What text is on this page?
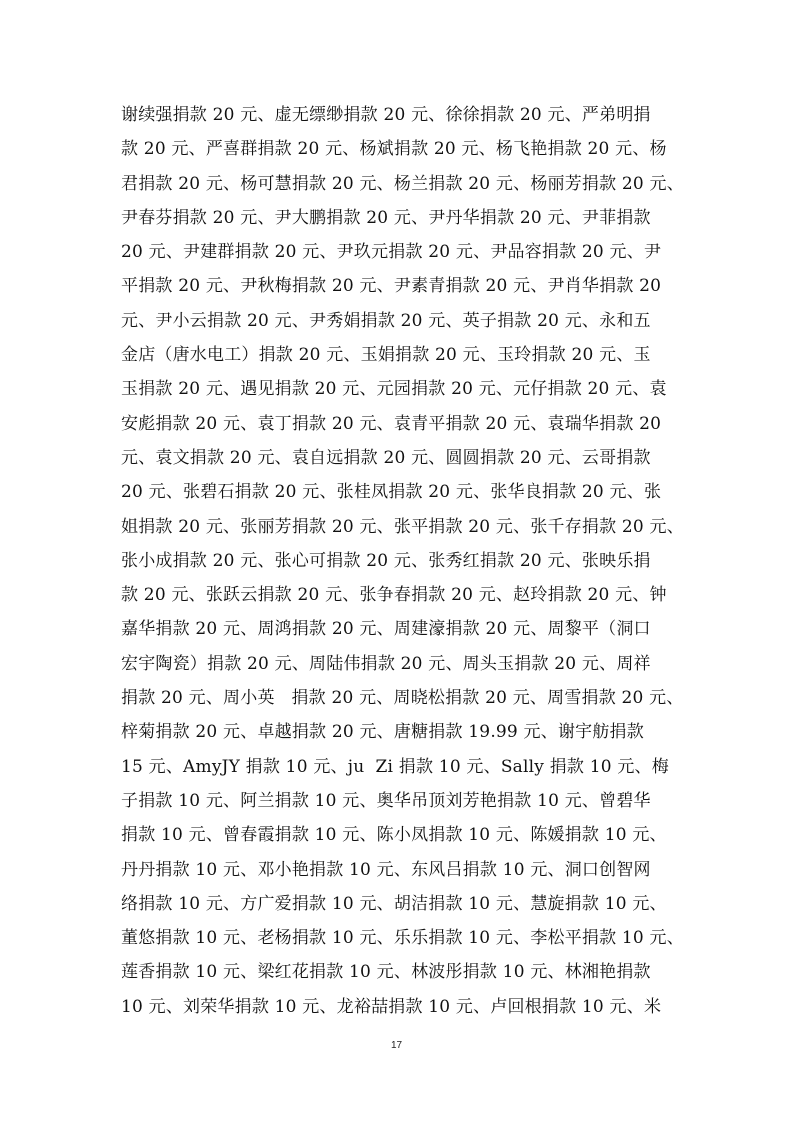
谢续强捐款 20 元、虚无缥缈捐款 20 元、徐徐捐款 20 元、严弟明捐
款 20 元、严喜群捐款 20 元、杨斌捐款 20 元、杨飞艳捐款 20 元、杨
君捐款 20 元、杨可慧捐款 20 元、杨兰捐款 20 元、杨丽芳捐款 20 元、
尹春芬捐款 20 元、尹大鹏捐款 20 元、尹丹华捐款 20 元、尹菲捐款
20 元、尹建群捐款 20 元、尹玖元捐款 20 元、尹品容捐款 20 元、尹
平捐款 20 元、尹秋梅捐款 20 元、尹素青捐款 20 元、尹肖华捐款 20
元、尹小云捐款 20 元、尹秀娟捐款 20 元、英子捐款 20 元、永和五
金店（唐水电工）捐款 20 元、玉娟捐款 20 元、玉玲捐款 20 元、玉
玉捐款 20 元、遇见捐款 20 元、元园捐款 20 元、元仔捐款 20 元、袁
安彪捐款 20 元、袁丁捐款 20 元、袁青平捐款 20 元、袁瑞华捐款 20
元、袁文捐款 20 元、袁自远捐款 20 元、圆圆捐款 20 元、云哥捐款
20 元、张碧石捐款 20 元、张桂凤捐款 20 元、张华良捐款 20 元、张
姐捐款 20 元、张丽芳捐款 20 元、张平捐款 20 元、张千存捐款 20 元、
张小成捐款 20 元、张心可捐款 20 元、张秀红捐款 20 元、张映乐捐
款 20 元、张跃云捐款 20 元、张争春捐款 20 元、赵玲捐款 20 元、钟
嘉华捐款 20 元、周鸿捐款 20 元、周建濠捐款 20 元、周黎平（洞口
宏宇陶瓷）捐款 20 元、周陆伟捐款 20 元、周头玉捐款 20 元、周祥
捐款 20 元、周小英   捐款 20 元、周晓松捐款 20 元、周雪捐款 20 元、
梓菊捐款 20 元、卓越捐款 20 元、唐糖捐款 19.99 元、谢宇舫捐款
15 元、AmyJY 捐款 10 元、ju  Zi 捐款 10 元、Sally 捐款 10 元、梅
子捐款 10 元、阿兰捐款 10 元、奥华吊顶刘芳艳捐款 10 元、曾碧华
捐款 10 元、曾春霞捐款 10 元、陈小凤捐款 10 元、陈媛捐款 10 元、
丹丹捐款 10 元、邓小艳捐款 10 元、东风吕捐款 10 元、洞口创智网
络捐款 10 元、方广爱捐款 10 元、胡洁捐款 10 元、慧旋捐款 10 元、
董悠捐款 10 元、老杨捐款 10 元、乐乐捐款 10 元、李松平捐款 10 元、
莲香捐款 10 元、梁红花捐款 10 元、林波彤捐款 10 元、林湘艳捐款
10 元、刘荣华捐款 10 元、龙裕喆捐款 10 元、卢回根捐款 10 元、米
17
